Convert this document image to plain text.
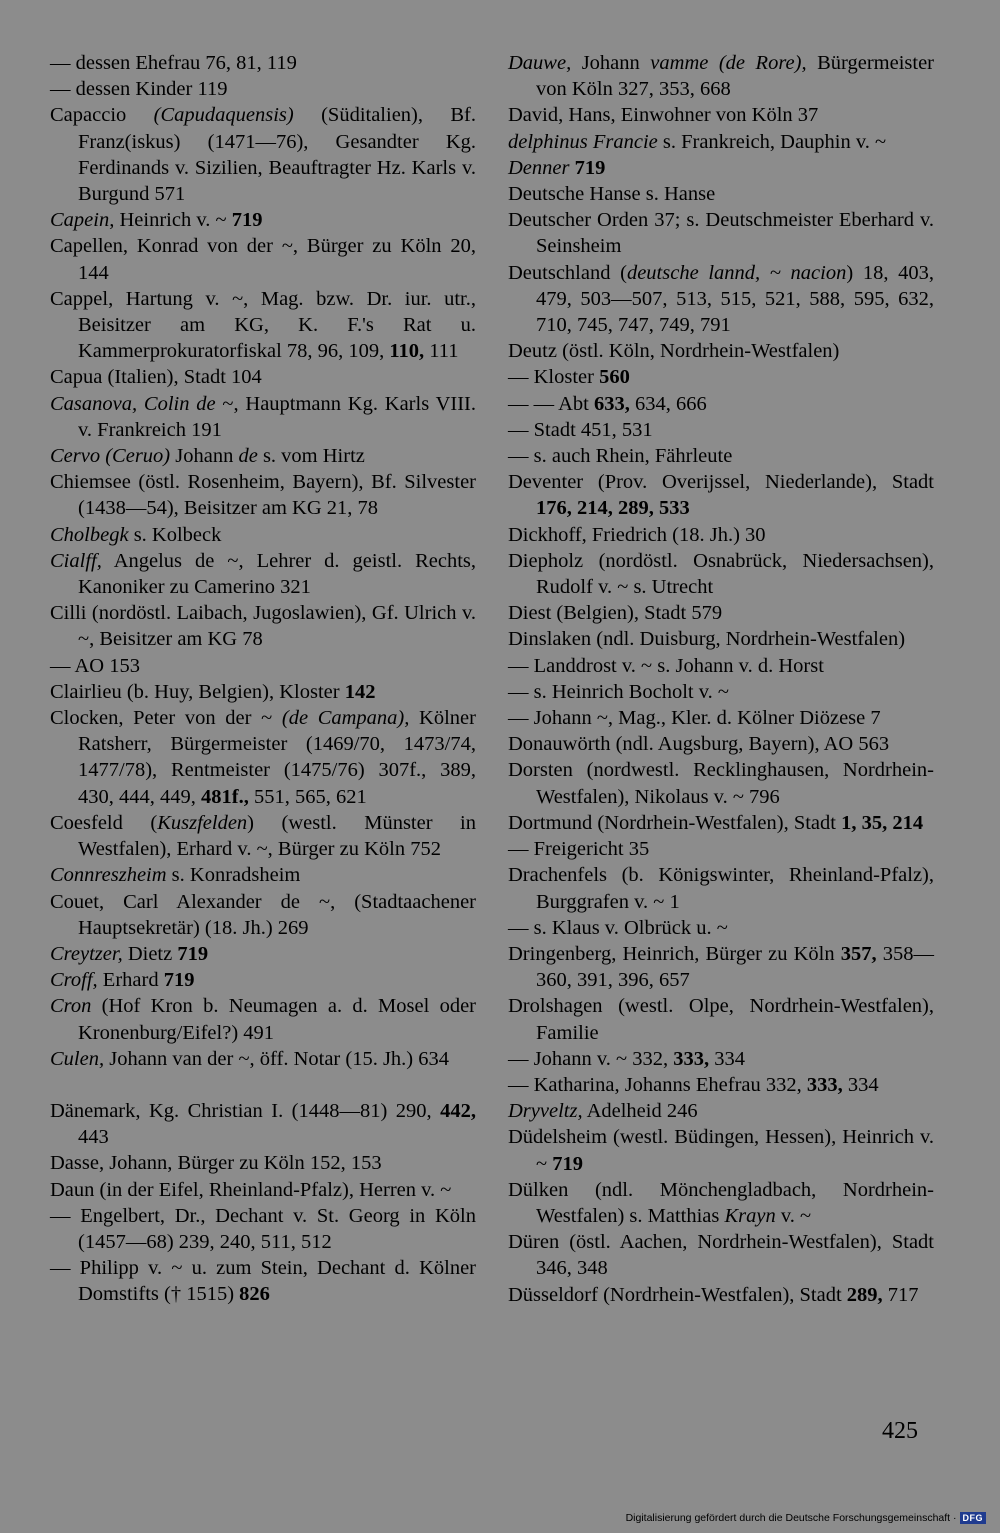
— dessen Ehefrau 76, 81, 119
— dessen Kinder 119
Capaccio (Capudaquensis) (Süditalien), Bf. Franz(iskus) (1471—76), Gesandter Kg. Ferdinands v. Sizilien, Beauftragter Hz. Karls v. Burgund 571
Capein, Heinrich v. ~ 719
Capellen, Konrad von der ~, Bürger zu Köln 20, 144
Cappel, Hartung v. ~, Mag. bzw. Dr. iur. utr., Beisitzer am KG, K. F.'s Rat u. Kammerprokuratorfiskal 78, 96, 109, 110, 111
Capua (Italien), Stadt 104
Casanova, Colin de ~, Hauptmann Kg. Karls VIII. v. Frankreich 191
Cervo (Ceruo) Johann de s. vom Hirtz
Chiemsee (östl. Rosenheim, Bayern), Bf. Silvester (1438—54), Beisitzer am KG 21, 78
Cholbegk s. Kolbeck
Cialff, Angelus de ~, Lehrer d. geistl. Rechts, Kanoniker zu Camerino 321
Cilli (nordöstl. Laibach, Jugoslawien), Gf. Ulrich v. ~, Beisitzer am KG 78
— AO 153
Clairlieu (b. Huy, Belgien), Kloster 142
Clocken, Peter von der ~ (de Campana), Kölner Ratsherr, Bürgermeister (1469/70, 1473/74, 1477/78), Rentmeister (1475/76) 307f., 389, 430, 444, 449, 481f., 551, 565, 621
Coesfeld (Kuszfelden) (westl. Münster in Westfalen), Erhard v. ~, Bürger zu Köln 752
Connreszheim s. Konradsheim
Couet, Carl Alexander de ~, (Stadtaachener Hauptsekretär) (18. Jh.) 269
Creytzer, Dietz 719
Croff, Erhard 719
Cron (Hof Kron b. Neumagen a. d. Mosel oder Kronenburg/Eifel?) 491
Culen, Johann van der ~, öff. Notar (15. Jh.) 634
Dänemark, Kg. Christian I. (1448—81) 290, 442, 443
Dasse, Johann, Bürger zu Köln 152, 153
Daun (in der Eifel, Rheinland-Pfalz), Herren v. ~
— Engelbert, Dr., Dechant v. St. Georg in Köln (1457—68) 239, 240, 511, 512
— Philipp v. ~ u. zum Stein, Dechant d. Kölner Domstifts († 1515) 826
Dauwe, Johann vamme (de Rore), Bürgermeister von Köln 327, 353, 668
David, Hans, Einwohner von Köln 37
delphinus Francie s. Frankreich, Dauphin v. ~
Denner 719
Deutsche Hanse s. Hanse
Deutscher Orden 37; s. Deutschmeister Eberhard v. Seinsheim
Deutschland (deutsche lannd, ~ nacion) 18, 403, 479, 503—507, 513, 515, 521, 588, 595, 632, 710, 745, 747, 749, 791
Deutz (östl. Köln, Nordrhein-Westfalen)
— Kloster 560
— — Abt 633, 634, 666
— Stadt 451, 531
— s. auch Rhein, Fährleute
Deventer (Prov. Overijssel, Niederlande), Stadt 176, 214, 289, 533
Dickhoff, Friedrich (18. Jh.) 30
Diepholz (nordöstl. Osnabrück, Niedersachsen), Rudolf v. ~ s. Utrecht
Diest (Belgien), Stadt 579
Dinslaken (ndl. Duisburg, Nordrhein-Westfalen)
— Landdrost v. ~ s. Johann v. d. Horst
— s. Heinrich Bocholt v. ~
— Johann ~, Mag., Kler. d. Kölner Diözese 7
Donauwörth (ndl. Augsburg, Bayern), AO 563
Dorsten (nordwestl. Recklinghausen, Nordrhein-Westfalen), Nikolaus v. ~ 796
Dortmund (Nordrhein-Westfalen), Stadt 1, 35, 214
— Freigericht 35
Drachenfels (b. Königswinter, Rheinland-Pfalz), Burggrafen v. ~ 1
— s. Klaus v. Olbrück u. ~
Dringenberg, Heinrich, Bürger zu Köln 357, 358—360, 391, 396, 657
Drolshagen (westl. Olpe, Nordrhein-Westfalen), Familie
— Johann v. ~ 332, 333, 334
— Katharina, Johanns Ehefrau 332, 333, 334
Dryveltz, Adelheid 246
Düdelsheim (westl. Büdingen, Hessen), Heinrich v. ~ 719
Dülken (ndl. Mönchengladbach, Nordrhein-Westfalen) s. Matthias Krayn v. ~
Düren (östl. Aachen, Nordrhein-Westfalen), Stadt 346, 348
Düsseldorf (Nordrhein-Westfalen), Stadt 289, 717
425
Digitalisierung gefördert durch die Deutsche Forschungsgemeinschaft · DFG
